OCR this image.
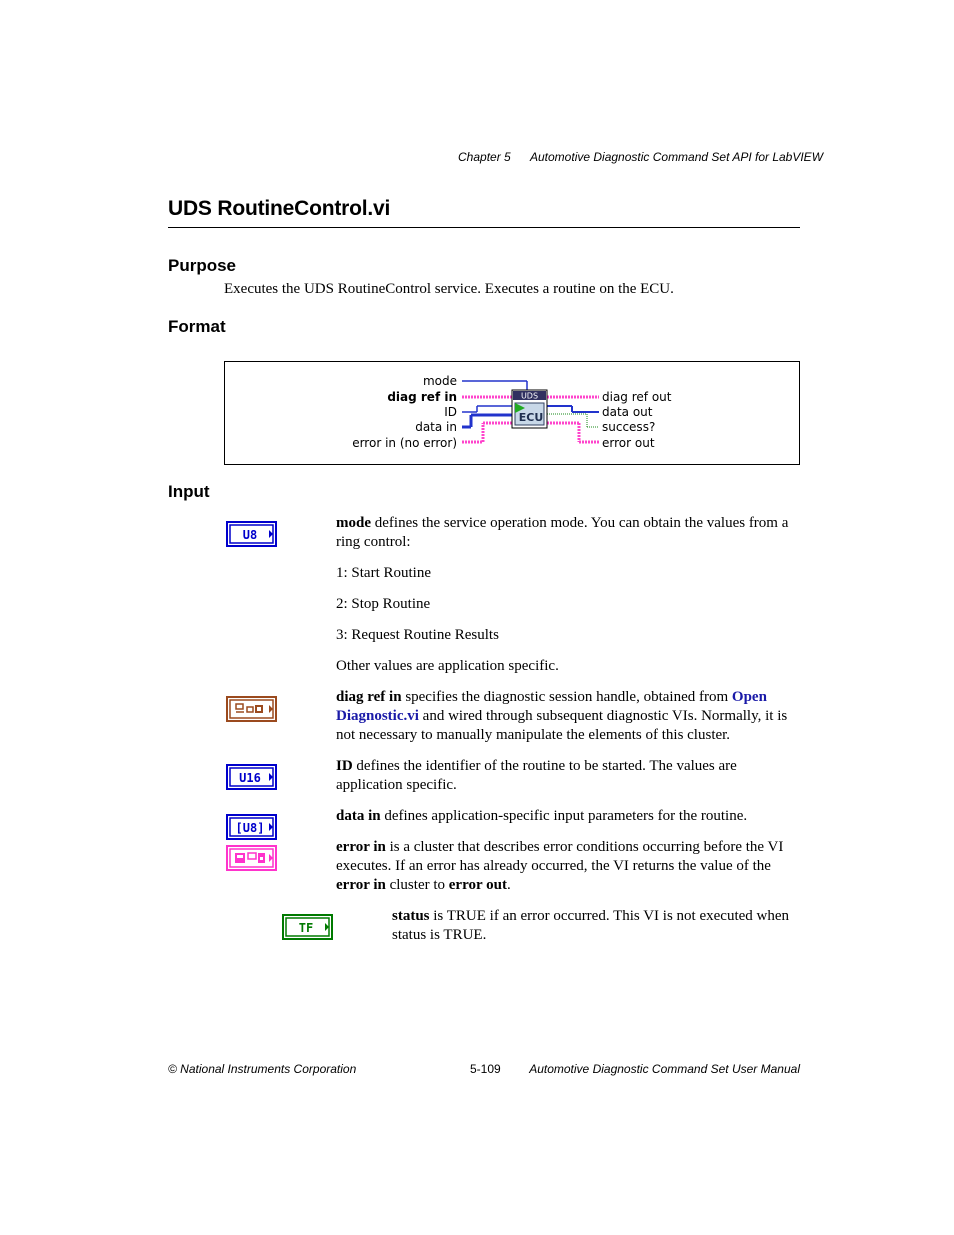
Chapter 5 Automotive Diagnostic Command Set API for LabVIEW
UDS RoutineControl.vi
Purpose
Executes the UDS RoutineControl service. Executes a routine on the ECU.
Format
UDS
ECU
mode
diag ref in
ID
data in
error in (no error)
diag ref out
data out
success?
error out
Input
U8
mode defines the service operation mode. You can obtain the values from a ring control:
1: Start Routine
2: Stop Routine
3: Request Routine Results
Other values are application specific.
diag ref in specifies the diagnostic session handle, obtained from Open
Diagnostic.vi and wired through subsequent diagnostic VIs. Normally, it is not necessary to manually manipulate the elements of this cluster.
U16
ID defines the identifier of the routine to be started. The values are application specific.
[U8]
data in defines application-specific input parameters for the routine.
error in is a cluster that describes error conditions occurring before the VI executes. If an error has already occurred, the VI returns the value of the error in cluster to error out.
TF
status is TRUE if an error occurred. This VI is not executed when status is TRUE.
© National Instruments Corporation	5-109 Automotive Diagnostic Command Set User Manual
